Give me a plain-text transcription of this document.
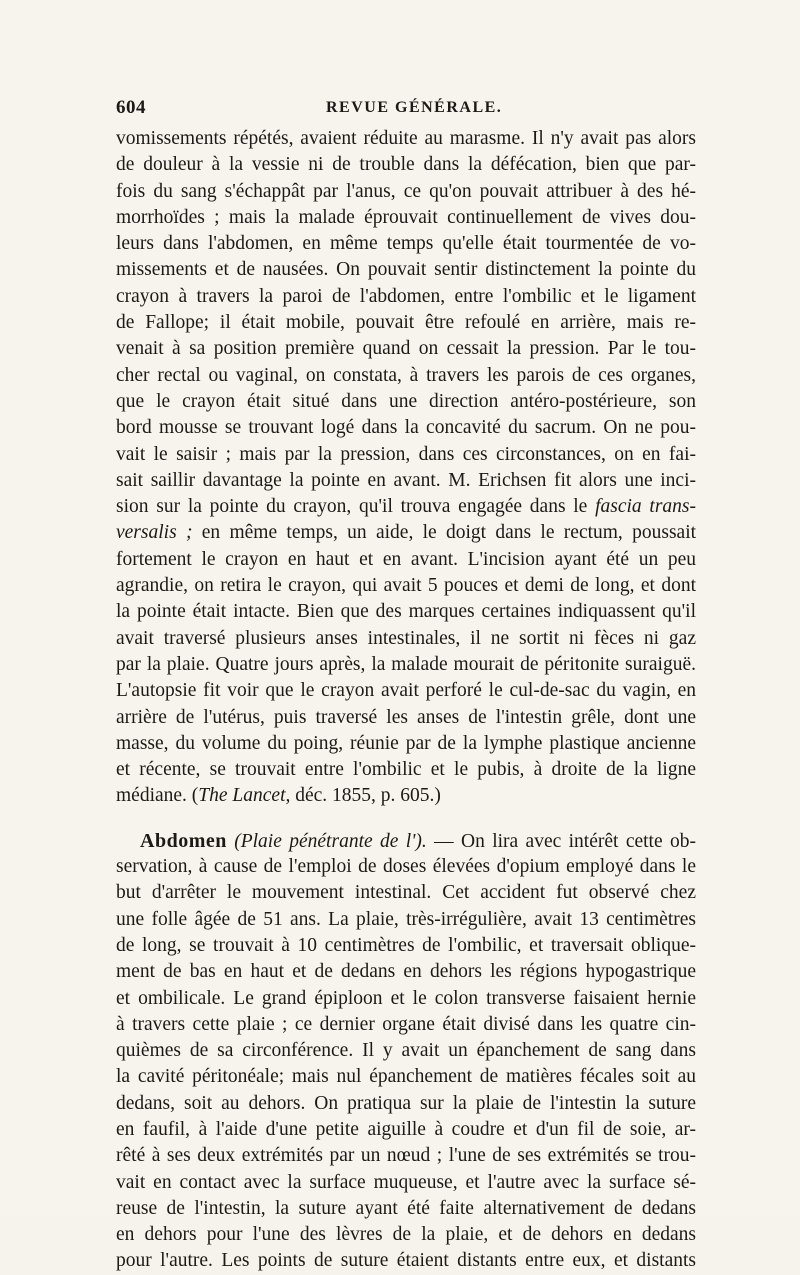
604	REVUE GÉNÉRALE.
vomissements répétés, avaient réduite au marasme. Il n'y avait pas alors
de douleur à la vessie ni de trouble dans la défécation, bien que par-
fois du sang s'échappât par l'anus, ce qu'on pouvait attribuer à des hé-
morrhoïdes ; mais la malade éprouvait continuellement de vives dou-
leurs dans l'abdomen, en même temps qu'elle était tourmentée de vo-
missements et de nausées. On pouvait sentir distinctement la pointe du
crayon à travers la paroi de l'abdomen, entre l'ombilic et le ligament
de Fallope; il était mobile, pouvait être refoulé en arrière, mais re-
venait à sa position première quand on cessait la pression. Par le tou-
cher rectal ou vaginal, on constata, à travers les parois de ces organes,
que le crayon était situé dans une direction antéro-postérieure, son
bord mousse se trouvant logé dans la concavité du sacrum. On ne pou-
vait le saisir ; mais par la pression, dans ces circonstances, on en fai-
sait saillir davantage la pointe en avant. M. Erichsen fit alors une inci-
sion sur la pointe du crayon, qu'il trouva engagée dans le fascia trans-
versalis ; en même temps, un aide, le doigt dans le rectum, poussait
fortement le crayon en haut et en avant. L'incision ayant été un peu
agrandie, on retira le crayon, qui avait 5 pouces et demi de long, et dont
la pointe était intacte. Bien que des marques certaines indiquassent qu'il
avait traversé plusieurs anses intestinales, il ne sortit ni fèces ni gaz
par la plaie. Quatre jours après, la malade mourait de péritonite suraiguë.
L'autopsie fit voir que le crayon avait perforé le cul-de-sac du vagin, en
arrière de l'utérus, puis traversé les anses de l'intestin grêle, dont une
masse, du volume du poing, réunie par de la lymphe plastique ancienne
et récente, se trouvait entre l'ombilic et le pubis, à droite de la ligne
médiane. (The Lancet, déc. 1855, p. 605.)
Abdomen (Plaie pénétrante de l'). — On lira avec intérêt cette ob-
servation, à cause de l'emploi de doses élevées d'opium employé dans le
but d'arrêter le mouvement intestinal. Cet accident fut observé chez
une folle âgée de 51 ans. La plaie, très-irrégulière, avait 13 centimètres
de long, se trouvait à 10 centimètres de l'ombilic, et traversait oblique-
ment de bas en haut et de dedans en dehors les régions hypogastrique
et ombilicale. Le grand épiploon et le colon transverse faisaient hernie
à travers cette plaie ; ce dernier organe était divisé dans les quatre cin-
quièmes de sa circonférence. Il y avait un épanchement de sang dans
la cavité péritonéale; mais nul épanchement de matières fécales soit au
dedans, soit au dehors. On pratiqua sur la plaie de l'intestin la suture
en faufil, à l'aide d'une petite aiguille à coudre et d'un fil de soie, ar-
rêté à ses deux extrémités par un nœud ; l'une de ses extrémités se trou-
vait en contact avec la surface muqueuse, et l'autre avec la surface sé-
reuse de l'intestin, la suture ayant été faite alternativement de dedans
en dehors pour l'une des lèvres de la plaie, et de dehors en dedans
pour l'autre. Les points de suture étaient distants entre eux, et distants
